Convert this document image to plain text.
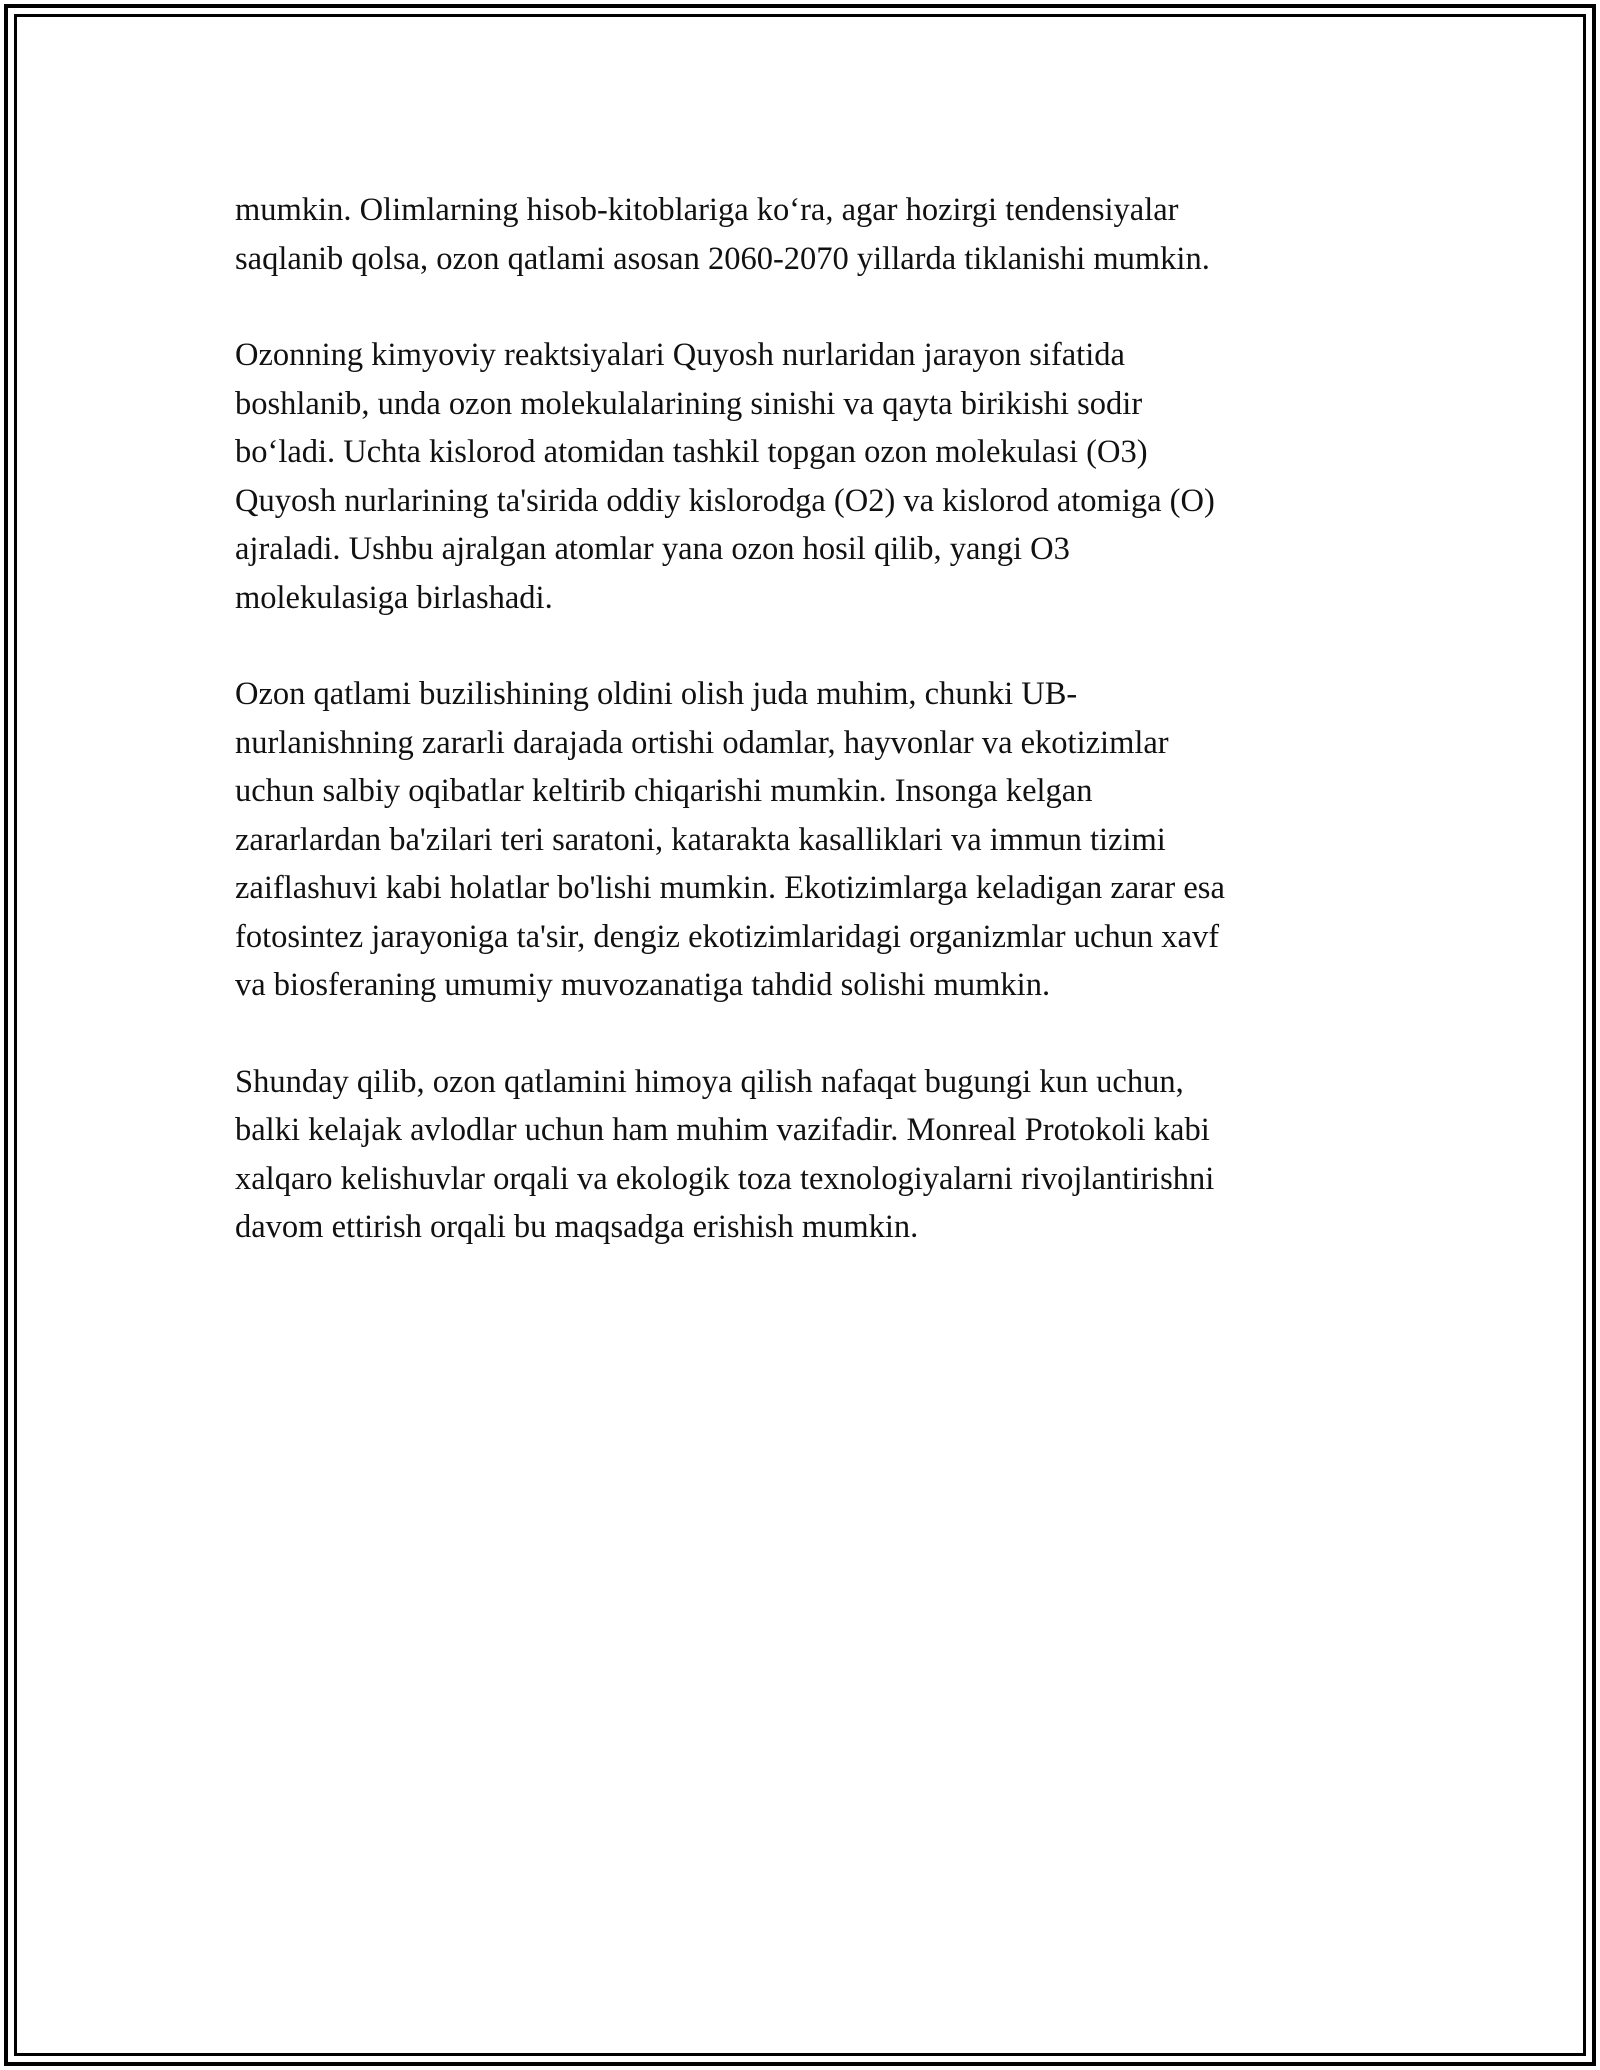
mumkin. Olimlarning hisob-kitoblariga ko‘ra, agar hozirgi tendensiyalar
saqlanib qolsa, ozon qatlami asosan 2060-2070 yillarda tiklanishi mumkin.

Ozonning kimyoviy reaktsiyalari Quyosh nurlaridan jarayon sifatida
boshlanib, unda ozon molekulalarining sinishi va qayta birikishi sodir
bo‘ladi. Uchta kislorod atomidan tashkil topgan ozon molekulasi (O3)
Quyosh nurlarining ta'sirida oddiy kislorodga (O2) va kislorod atomiga (O)
ajraladi. Ushbu ajralgan atomlar yana ozon hosil qilib, yangi O3
molekulasiga birlashadi.

Ozon qatlami buzilishining oldini olish juda muhim, chunki UB-
nurlanishning zararli darajada ortishi odamlar, hayvonlar va ekotizimlar
uchun salbiy oqibatlar keltirib chiqarishi mumkin. Insonga kelgan
zararlardan ba'zilari teri saratoni, katarakta kasalliklari va immun tizimi
zaiflashuvi kabi holatlar bo'lishi mumkin. Ekotizimlarga keladigan zarar esa
fotosintez jarayoniga ta'sir, dengiz ekotizimlaridagi organizmlar uchun xavf
va biosferaning umumiy muvozanatiga tahdid solishi mumkin.

Shunday qilib, ozon qatlamini himoya qilish nafaqat bugungi kun uchun,
balki kelajak avlodlar uchun ham muhim vazifadir. Monreal Protokoli kabi
xalqaro kelishuvlar orqali va ekologik toza texnologiyalarni rivojlantirishni
davom ettirish orqali bu maqsadga erishish mumkin.
